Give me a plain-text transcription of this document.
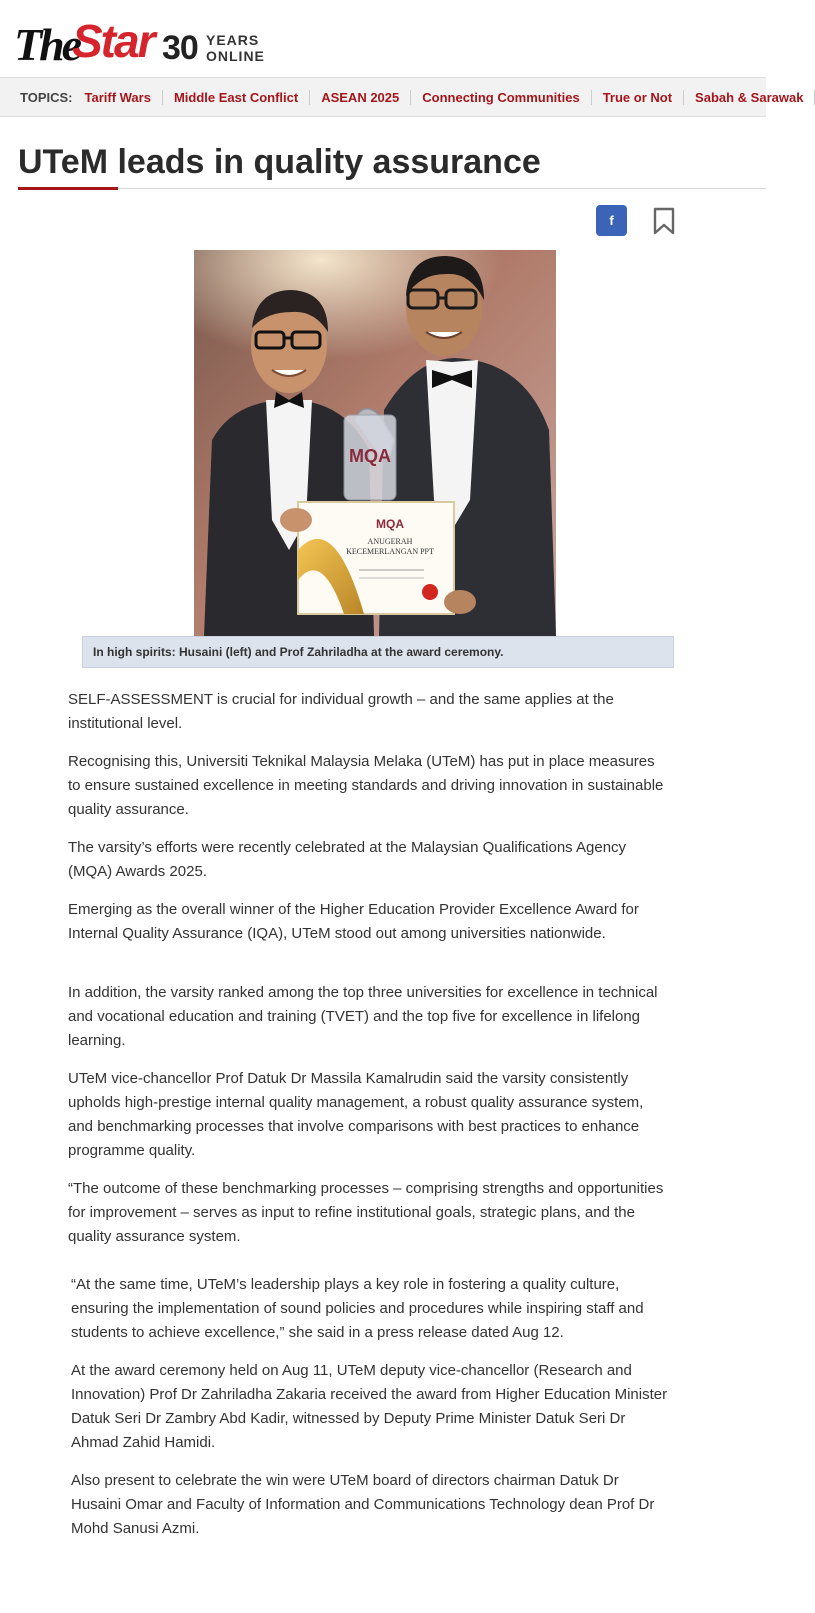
The
Star 30 YEARS
ONLINE
TOPICS: Tariff Wars	Middle East Conflict	ASEAN 2025	Connecting Communities	True or Not	Sabah & Sarawak
UTeM leads in quality assurance
f
MQA
MQA
ANUGERAH
KECEMERLANGAN PPT
In high spirits: Husaini (left) and Prof Zahriladha at the award ceremony.

SELF-ASSESSMENT is crucial for individual growth – and the same applies at the institutional level.

Recognising this, Universiti Teknikal Malaysia Melaka (UTeM) has put in place measures to ensure sustained excellence in meeting standards and driving innovation in sustainable quality assurance.

The varsity’s efforts were recently celebrated at the Malaysian Qualifications Agency (MQA) Awards 2025.

Emerging as the overall winner of the Higher Education Provider Excellence Award for Internal Quality Assurance (IQA), UTeM stood out among universities nationwide.

In addition, the varsity ranked among the top three universities for excellence in technical and vocational education and training (TVET) and the top five for excellence in lifelong learning.

UTeM vice-chancellor Prof Datuk Dr Massila Kamalrudin said the varsity consistently upholds high-prestige internal quality management, a robust quality assurance system, and benchmarking processes that involve comparisons with best practices to enhance programme quality.

“The outcome of these benchmarking processes – comprising strengths and opportunities for improvement – serves as input to refine institutional goals, strategic plans, and the quality assurance system.

“At the same time, UTeM’s leadership plays a key role in fostering a quality culture, ensuring the implementation of sound policies and procedures while inspiring staff and students to achieve excellence,” she said in a press release dated Aug 12.

At the award ceremony held on Aug 11, UTeM deputy vice-chancellor (Research and Innovation) Prof Dr Zahriladha Zakaria received the award from Higher Education Minister Datuk Seri Dr Zambry Abd Kadir, witnessed by Deputy Prime Minister Datuk Seri Dr Ahmad Zahid Hamidi.

Also present to celebrate the win were UTeM board of directors chairman Datuk Dr Husaini Omar and Faculty of Information and Communications Technology dean Prof Dr Mohd Sanusi Azmi.
